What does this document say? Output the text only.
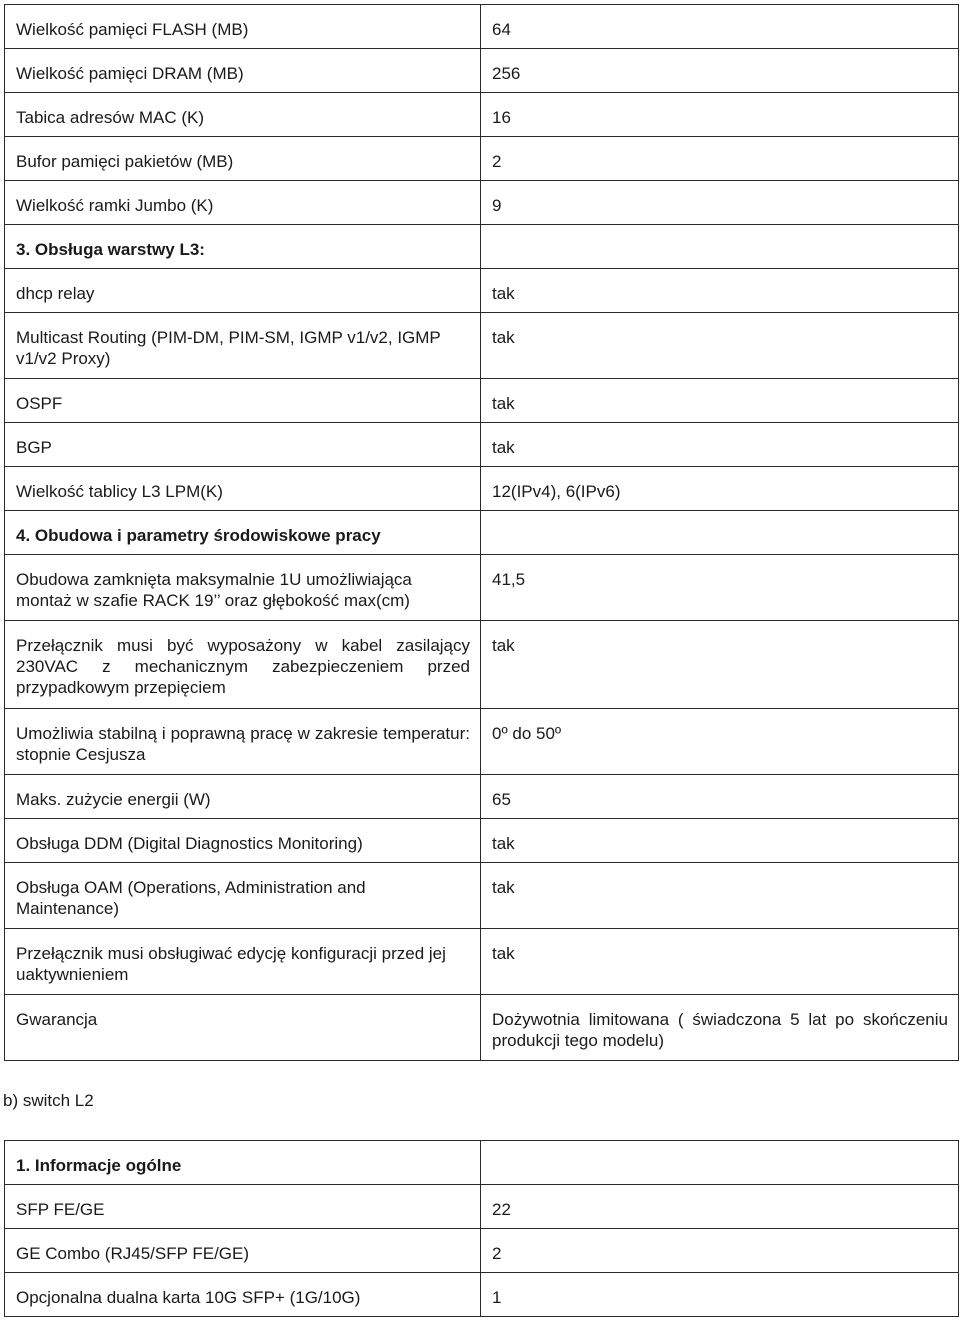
Wielkość pamięci FLASH (MB)	64
Wielkość pamięci DRAM (MB)	256
Tabica adresów MAC (K)	16
Bufor pamięci pakietów (MB)	2
Wielkość ramki Jumbo (K)	9
3. Obsługa warstwy L3:	
dhcp relay	tak
Multicast Routing (PIM-DM, PIM-SM, IGMP v1/v2, IGMP v1/v2 Proxy)	tak
OSPF	tak
BGP	tak
Wielkość tablicy L3 LPM(K)	12(IPv4), 6(IPv6)
4. Obudowa i parametry środowiskowe pracy	
Obudowa zamknięta maksymalnie 1U umożliwiająca montaż w szafie RACK 19’’ oraz głębokość max(cm)	41,5
Przełącznik musi być wyposażony w kabel zasilający 230VAC z mechanicznym zabezpieczeniem przed przypadkowym przepięciem	tak
Umożliwia stabilną i poprawną pracę w zakresie temperatur: stopnie Cesjusza	0º do 50º
Maks. zużycie energii (W)	65
Obsługa DDM (Digital Diagnostics Monitoring)	tak
Obsługa OAM (Operations, Administration and Maintenance)	tak
Przełącznik musi obsługiwać edycję konfiguracji przed jej uaktywnieniem	tak
Gwarancja	Dożywotnia limitowana ( świadczona 5 lat po skończeniu produkcji tego modelu)
b) switch L2
1. Informacje ogólne	
SFP FE/GE	22
GE Combo (RJ45/SFP FE/GE)	2
Opcjonalna dualna karta 10G SFP+ (1G/10G)	1
